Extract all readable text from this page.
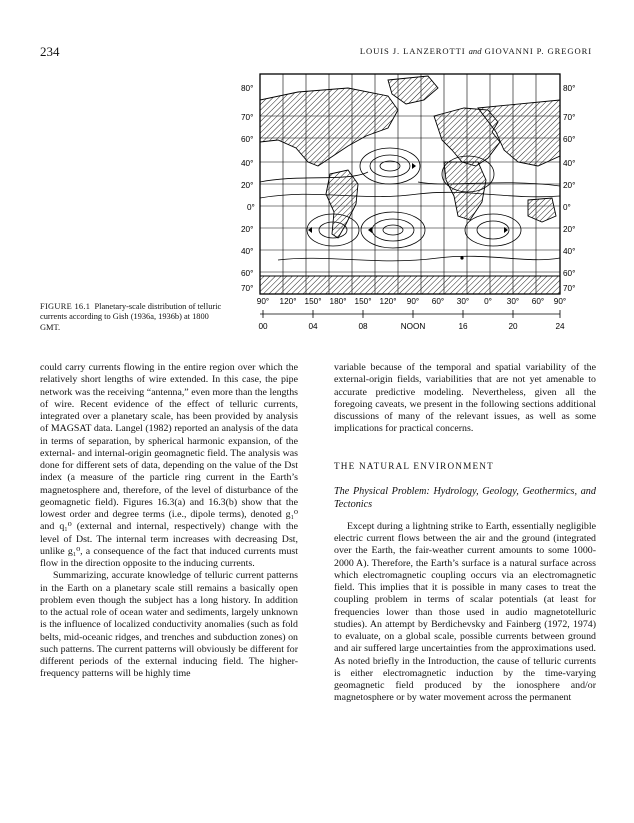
234	LOUIS J. LANZEROTTI and GIOVANNI P. GREGORI
80°
70°
60°
40°
20°
0°
20°
40°
60°
70°
80°
70°
60°
40°
20°
0°
20°
40°
60°
70°
90° 120° 150° 180° 150° 120° 90° 60° 30° 0° 30° 60° 90°
00	04	08	NOON	16	20	24
FIGURE 16.1 Planetary-scale distribution of telluric currents according to Gish (1936a, 1936b) at 1800 GMT.

could carry currents flowing in the entire region over which the relatively short lengths of wire extended. In this case, the pipe network was the receiving “antenna,” even more than the lengths of wire. Recent evidence of the effect of telluric currents, integrated over a planetary scale, has been provided by analysis of MAGSAT data. Langel (1982) reported an analysis of the data in terms of separation, by spherical harmonic expansion, of the external- and internal-origin geomagnetic field. The analysis was done for different sets of data, depending on the value of the Dst index (a measure of the particle ring current in the Earth’s magnetosphere and, therefore, of the level of disturbance of the geomagnetic field). Figures 16.3(a) and 16.3(b) show that the lowest order and degree terms (i.e., dipole terms), denoted g₁⁰ and q₁⁰ (external and internal, respectively) change with the level of Dst. The internal term increases with decreasing Dst, unlike g₁⁰, a consequence of the fact that induced currents must flow in the direction opposite to the inducing currents.

Summarizing, accurate knowledge of telluric current patterns in the Earth on a planetary scale still remains a basically open problem even though the subject has a long history. In addition to the actual role of ocean water and sediments, largely unknown is the influence of localized conductivity anomalies (such as fold belts, mid-oceanic ridges, and trenches and subduction zones) on such patterns. The current patterns will obviously be different for different periods of the external inducing field. The higher-frequency patterns will be highly time

variable because of the temporal and spatial variability of the external-origin fields, variabilities that are not yet amenable to accurate predictive modeling. Nevertheless, given all the foregoing caveats, we present in the following sections additional discussions of many of the relevant issues, as well as some implications for practical concerns.

THE NATURAL ENVIRONMENT
The Physical Problem: Hydrology, Geology, Geothermics, and Tectonics

Except during a lightning strike to Earth, essentially negligible electric current flows between the air and the ground (integrated over the Earth, the fair-weather current amounts to some 1000-2000 A). Therefore, the Earth’s surface is a natural surface across which electromagnetic coupling occurs via an electromagnetic field. This implies that it is possible in many cases to treat the coupling problem in terms of scalar potentials (at least for frequencies lower than those used in audio magnetotelluric studies). An attempt by Berdichevsky and Fainberg (1972, 1974) to evaluate, on a global scale, possible currents between ground and air suffered large uncertainties from the approximations used. As noted briefly in the Introduction, the cause of telluric currents is either electromagnetic induction by the time-varying geomagnetic field produced by the ionosphere and/or magnetosphere or by water movement across the permanent
